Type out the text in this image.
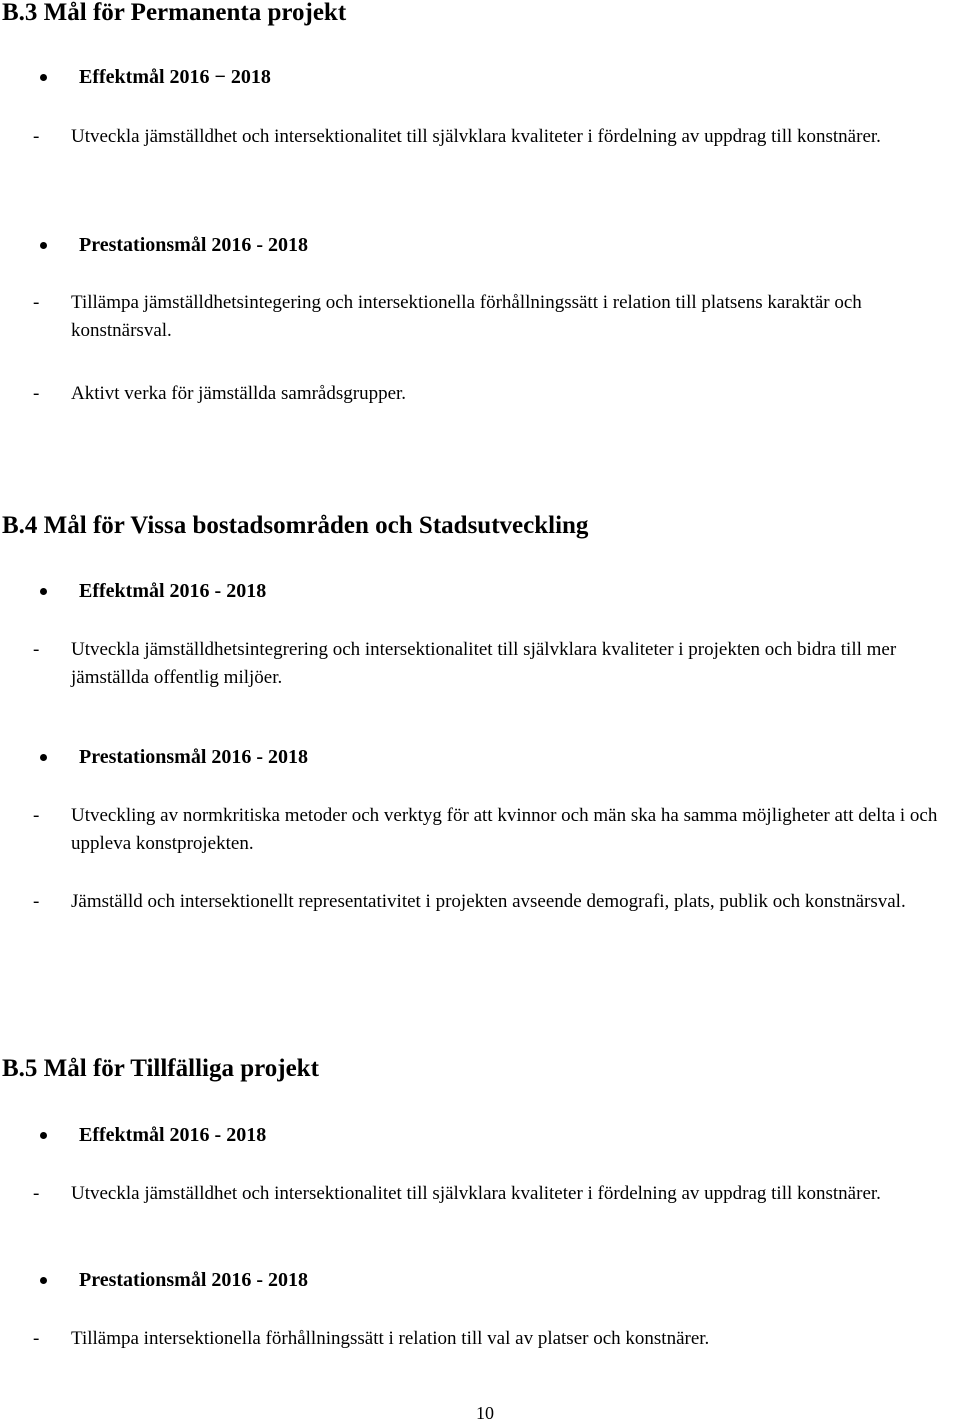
B.3 Mål för Permanenta projekt
Effektmål 2016 − 2018
- Utveckla jämställdhet och intersektionalitet till självklara kvaliteter i fördelning av uppdrag till konstnärer.
Prestationsmål 2016 - 2018
- Tillämpa jämställdhetsintegering och intersektionella förhållningssätt i relation till platsens karaktär och konstnärsval.
- Aktivt verka för jämställda samrådsgrupper.
B.4 Mål för Vissa bostadsområden och Stadsutveckling
Effektmål 2016 - 2018
- Utveckla jämställdhetsintegrering och intersektionalitet till självklara kvaliteter i projekten och bidra till mer jämställda offentlig miljöer.
Prestationsmål 2016 - 2018
- Utveckling av normkritiska metoder och verktyg för att kvinnor och män ska ha samma möjligheter att delta i och uppleva konstprojekten.
- Jämställd och intersektionellt representativitet i projekten avseende demografi, plats, publik och konstnärsval.
B.5 Mål för Tillfälliga projekt
Effektmål 2016 - 2018
- Utveckla jämställdhet och intersektionalitet till självklara kvaliteter i fördelning av uppdrag till konstnärer.
Prestationsmål 2016 - 2018
- Tillämpa intersektionella förhållningssätt i relation till val av platser och konstnärer.
10
